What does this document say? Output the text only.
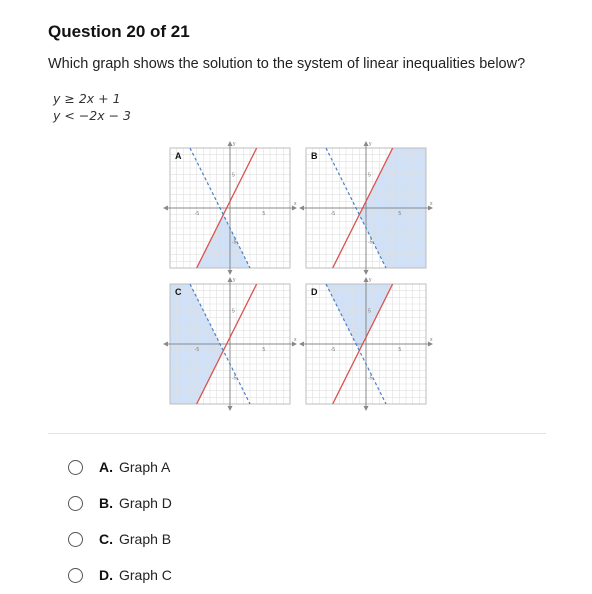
Question 20 of 21
Which graph shows the solution to the system of linear inequalities below?
y ≥ 2x + 1
y < −2x − 3
5
-5
5
-5
y
x
A
5
-5
5
-5
y
x
B
5
-5
5
-5
y
x
C
5
-5
5
-5
y
x
D
A. Graph A
B. Graph D
C. Graph B
D. Graph C
